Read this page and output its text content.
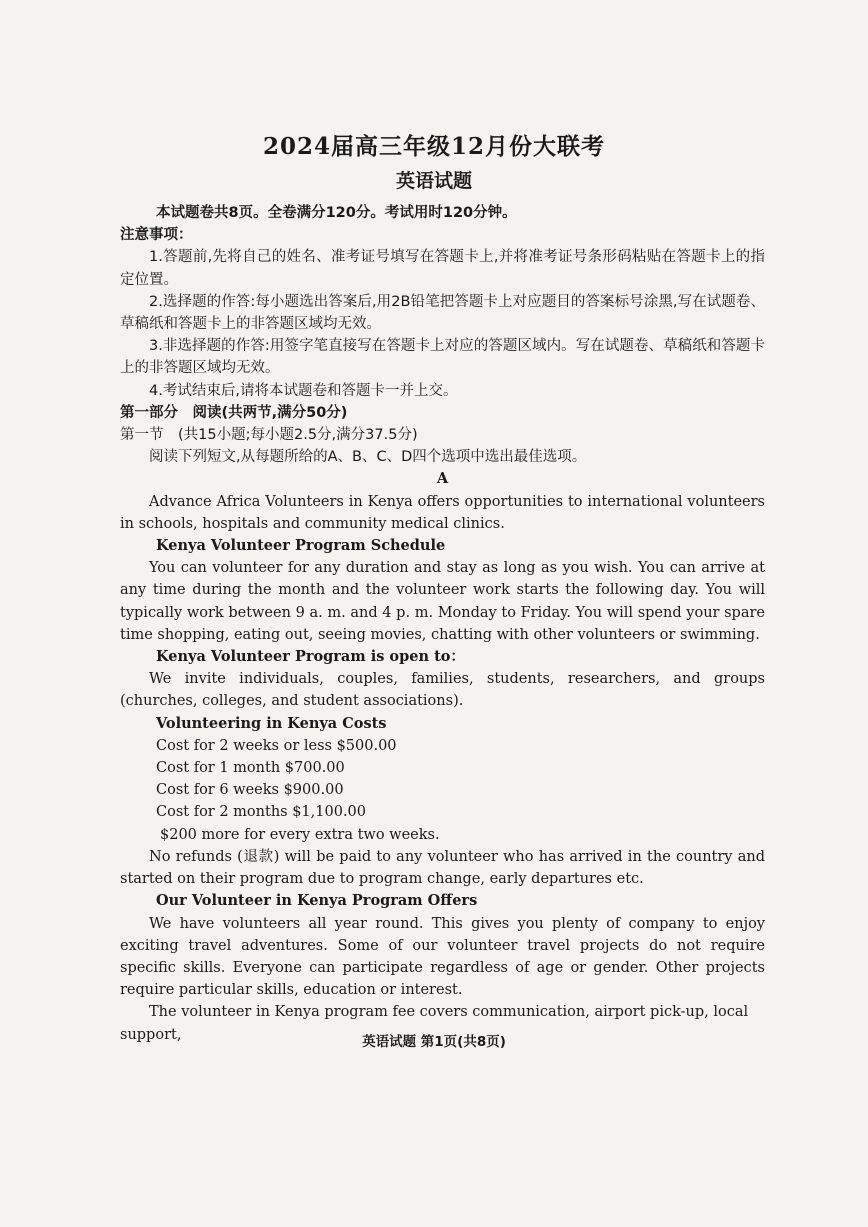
2024届高三年级12月份大联考
英语试题

本试题卷共8页。全卷满分120分。考试用时120分钟。

注意事项：

1.答题前,先将自己的姓名、准考证号填写在答题卡上,并将准考证号条形码粘贴在答题卡上的指定位置。

2.选择题的作答:每小题选出答案后,用2B铅笔把答题卡上对应题目的答案标号涂黑,写在试题卷、草稿纸和答题卡上的非答题区域均无效。

3.非选择题的作答:用签字笔直接写在答题卡上对应的答题区域内。写在试题卷、草稿纸和答题卡上的非答题区域均无效。

4.考试结束后,请将本试题卷和答题卡一并上交。

第一部分　阅读(共两节,满分50分)

第一节　(共15小题;每小题2.5分,满分37.5分)

阅读下列短文,从每题所给的A、B、C、D四个选项中选出最佳选项。

A

Advance Africa Volunteers in Kenya offers opportunities to international volunteers in schools, hospitals and community medical clinics.

Kenya Volunteer Program Schedule

You can volunteer for any duration and stay as long as you wish. You can arrive at any time during the month and the volunteer work starts the following day. You will typically work between 9 a. m. and 4 p. m. Monday to Friday. You will spend your spare time shopping, eating out, seeing movies, chatting with other volunteers or swimming.

Kenya Volunteer Program is open to：

We invite individuals, couples, families, students, researchers, and groups (churches, colleges, and student associations).

Volunteering in Kenya Costs

Cost for 2 weeks or less $500.00

Cost for 1 month $700.00

Cost for 6 weeks $900.00

Cost for 2 months $1,100.00

$200 more for every extra two weeks.

No refunds (退款) will be paid to any volunteer who has arrived in the country and started on their program due to program change, early departures etc.

Our Volunteer in Kenya Program Offers

We have volunteers all year round. This gives you plenty of company to enjoy exciting travel adventures. Some of our volunteer travel projects do not require specific skills. Everyone can participate regardless of age or gender. Other projects require particular skills, education or interest.

The volunteer in Kenya program fee covers communication, airport pick-up, local support,	英语试题 第1页(共8页)
